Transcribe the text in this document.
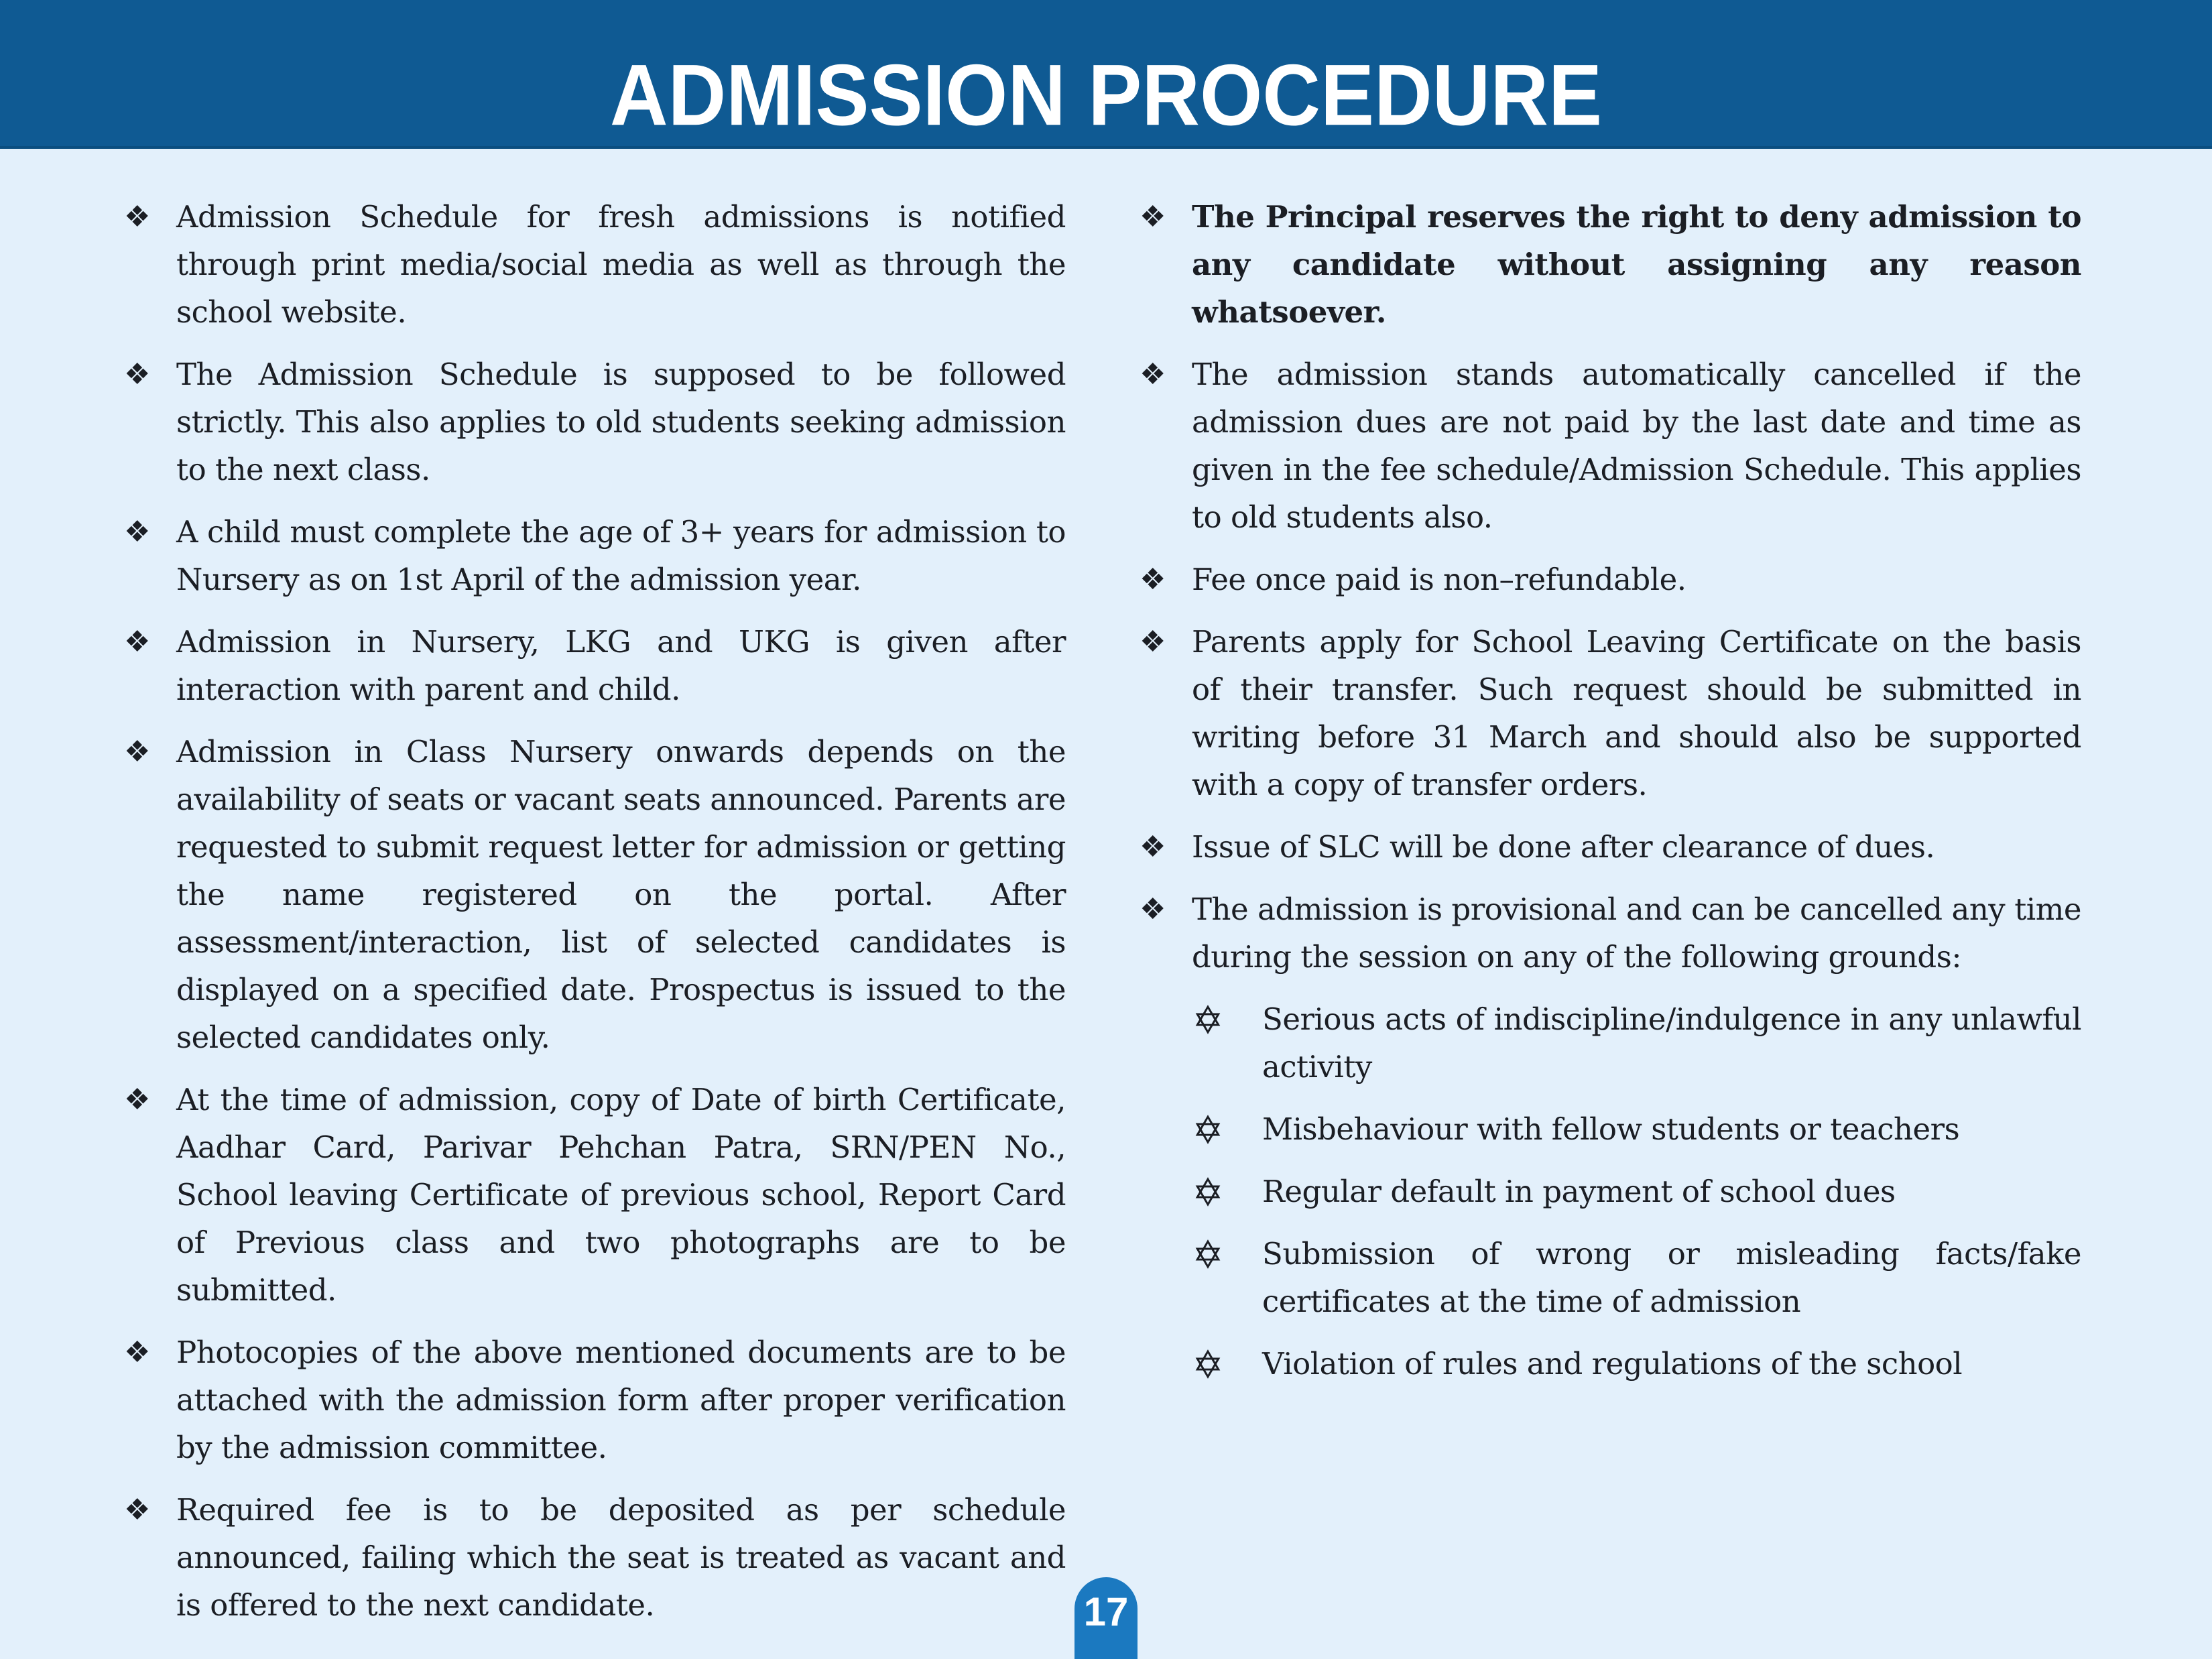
ADMISSION PROCEDURE
❖ Admission Schedule for fresh admissions is notified through print media/social media as well as through the school website.
❖ The Admission Schedule is supposed to be followed strictly. This also applies to old students seeking admission to the next class.
❖ A child must complete the age of 3+ years for admission to Nursery as on 1st April of the admission year.
❖ Admission in Nursery, LKG and UKG is given after interaction with parent and child.
❖ Admission in Class Nursery onwards depends on the availability of seats or vacant seats announced. Parents are requested to submit request letter for admission or getting the name registered on the portal. After assessment/interaction, list of selected candidates is displayed on a specified date. Prospectus is issued to the selected candidates only.
❖ At the time of admission, copy of Date of birth Certificate, Aadhar Card, Parivar Pehchan Patra, SRN/PEN No., School leaving Certificate of previous school, Report Card of Previous class and two photographs are to be submitted.
❖ Photocopies of the above mentioned documents are to be attached with the admission form after proper verification by the admission committee.
❖ Required fee is to be deposited as per schedule announced, failing which the seat is treated as vacant and is offered to the next candidate.
❖ The Principal reserves the right to deny admission to any candidate without assigning any reason whatsoever.
❖ The admission stands automatically cancelled if the admission dues are not paid by the last date and time as given in the fee schedule/Admission Schedule. This applies to old students also.
❖ Fee once paid is non–refundable.
❖ Parents apply for School Leaving Certificate on the basis of their transfer. Such request should be submitted in writing before 31 March and should also be supported with a copy of transfer orders.
❖ Issue of SLC will be done after clearance of dues.
❖ The admission is provisional and can be cancelled any time during the session on any of the following grounds:
Serious acts of indiscipline/indulgence in any unlawful activity
Misbehaviour with fellow students or teachers
Regular default in payment of school dues
Submission of wrong or misleading facts/fake certificates at the time of admission
Violation of rules and regulations of the school
17
